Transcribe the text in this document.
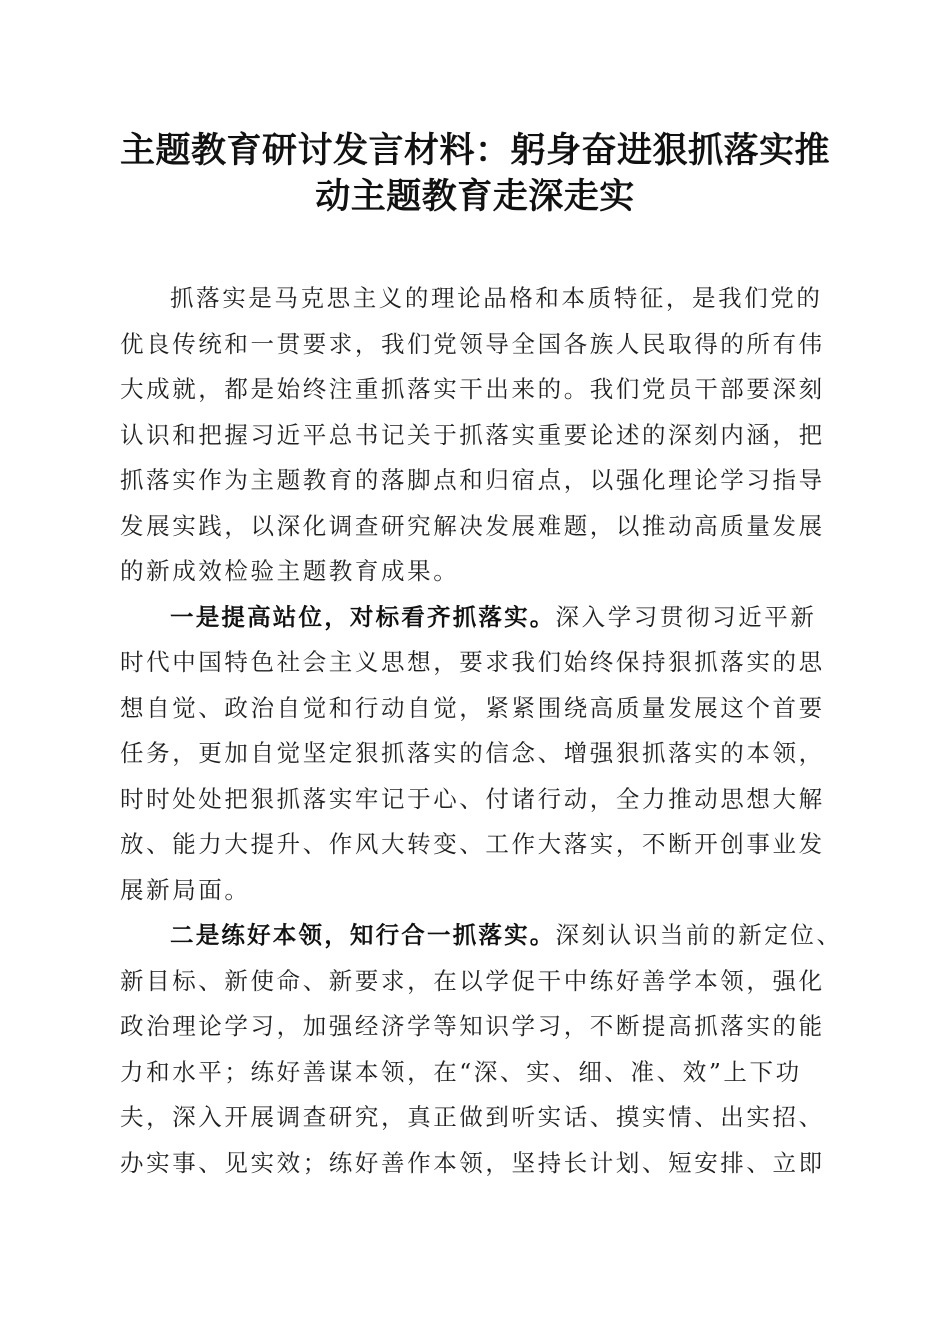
主题教育研讨发言材料：躬身奋进狠抓落实推
动主题教育走深走实
抓落实是马克思主义的理论品格和本质特征，是我们党的
优良传统和一贯要求，我们党领导全国各族人民取得的所有伟
大成就，都是始终注重抓落实干出来的。我们党员干部要深刻
认识和把握习近平总书记关于抓落实重要论述的深刻内涵，把
抓落实作为主题教育的落脚点和归宿点，以强化理论学习指导
发展实践，以深化调查研究解决发展难题，以推动高质量发展
的新成效检验主题教育成果。
一是提高站位，对标看齐抓落实。深入学习贯彻习近平新
时代中国特色社会主义思想，要求我们始终保持狠抓落实的思
想自觉、政治自觉和行动自觉，紧紧围绕高质量发展这个首要
任务，更加自觉坚定狠抓落实的信念、增强狠抓落实的本领，
时时处处把狠抓落实牢记于心、付诸行动，全力推动思想大解
放、能力大提升、作风大转变、工作大落实，不断开创事业发
展新局面。
二是练好本领，知行合一抓落实。深刻认识当前的新定位、
新目标、新使命、新要求，在以学促干中练好善学本领，强化
政治理论学习，加强经济学等知识学习，不断提高抓落实的能
力和水平；练好善谋本领，在“深、实、细、准、效”上下功
夫，深入开展调查研究，真正做到听实话、摸实情、出实招、
办实事、见实效；练好善作本领，坚持长计划、短安排、立即
